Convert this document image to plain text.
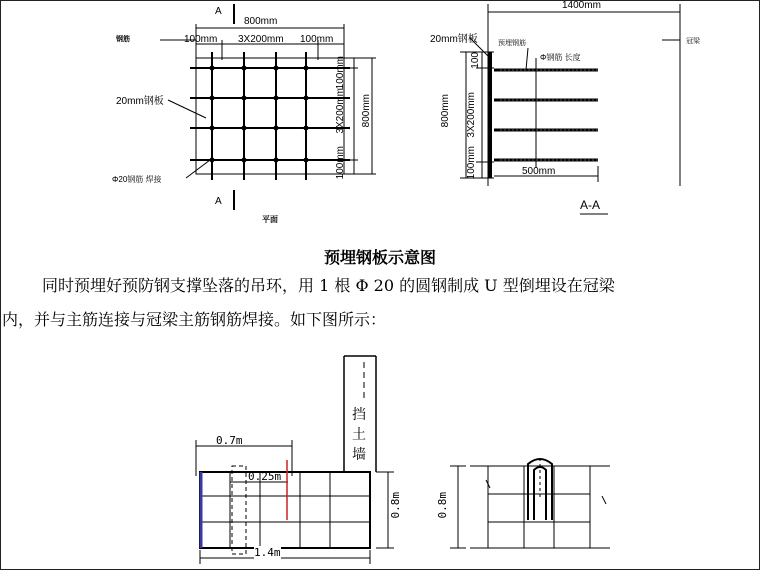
A
A
800mm
100mm 3X200mm 100mm
钢筋
20mm钢板
Φ20钢筋 焊接
平面
100mm
3X200mm 800mm
100mm
1400mm
20mm钢板	预埋钢筋
Φ钢筋 长度
冠梁
100
800mm 3X200mm
100mm	500mm
A-A
预埋钢板示意图
同时预埋好预防钢支撑坠落的吊环，用 1 根 Φ 20 的圆钢制成 U 型倒埋设在冠梁
内，并与主筋连接与冠梁主筋钢筋焊接。如下图所示：
0.7m
0.25m
1.4m
0.8m
挡
土
墙
0.8m
